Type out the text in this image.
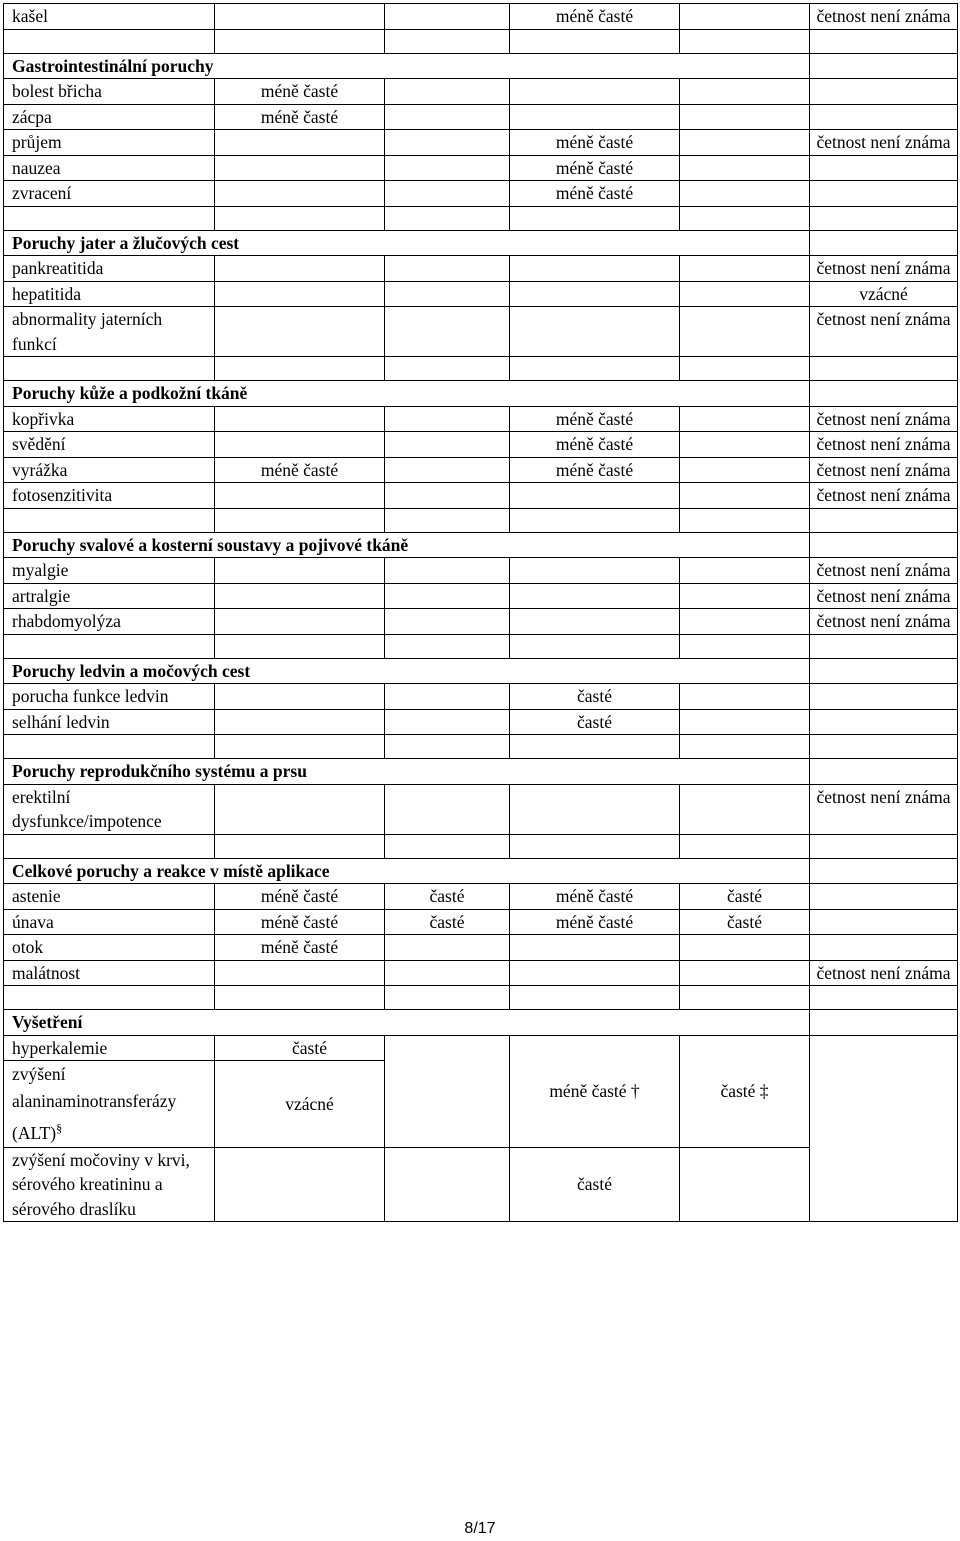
kašel			méně časté		četnost není známa

Gastrointestinální poruchy					
bolest břicha	méně časté				
zácpa	méně časté				
průjem			méně časté		četnost není známa
nauzea			méně časté		
zvracení			méně časté		

Poruchy jater a žlučových cest					
pankreatitida					četnost není známa
hepatitida					vzácné
abnormality jaterních funkcí					četnost není známa

Poruchy kůže a podkožní tkáně					
kopřivka			méně časté		četnost není známa
svědění			méně časté		četnost není známa
vyrážka	méně časté		méně časté		četnost není známa
fotosenzitivita					četnost není známa

Poruchy svalové a kosterní soustavy a pojivové tkáně					
myalgie					četnost není známa
artralgie					četnost není známa
rhabdomyolýza					četnost není známa

Poruchy ledvin a močových cest					
porucha funkce ledvin			časté		
selhání ledvin			časté		

Poruchy reprodukčního systému a prsu					
erektilní dysfunkce/impotence					četnost není známa

Celkové poruchy a reakce v místě aplikace					
astenie	méně časté	časté	méně časté	časté	
únava	méně časté	časté	méně časté	časté	
otok	méně časté				
malátnost					četnost není známa

Vyšetření					
hyperkalemie	časté		méně časté †	časté ‡	

zvýšení
alaninaminotransferázy
(ALT)§	vzácné				
zvýšení močoviny v krvi, sérového kreatininu a sérového draslíku			časté		
8/17
